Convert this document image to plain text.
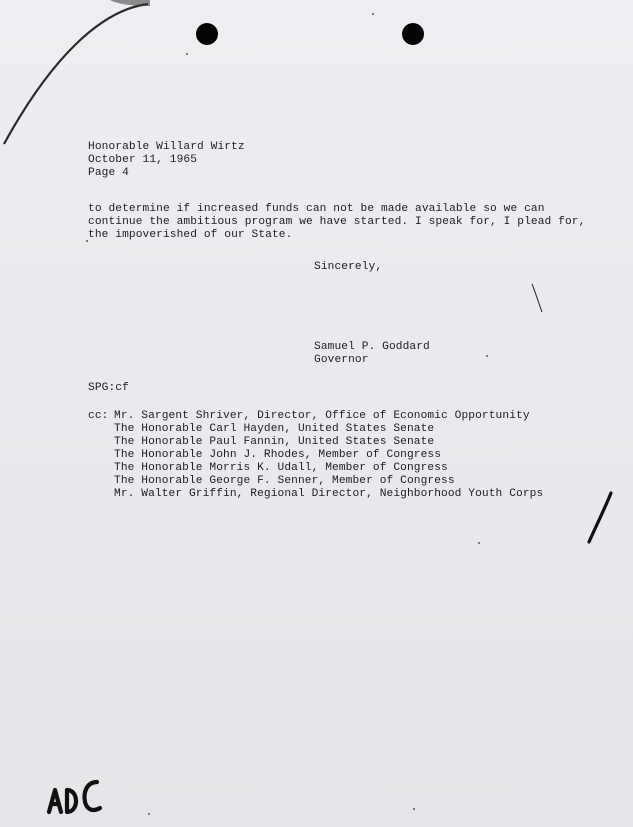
Honorable Willard Wirtz
October 11, 1965
Page 4
to determine if increased funds can not be made available so we can
continue the ambitious program we have started. I speak for, I plead for,
the impoverished of our State.
Sincerely,
Samuel P. Goddard
Governor
SPG:cf
cc: Mr. Sargent Shriver, Director, Office of Economic Opportunity
The Honorable Carl Hayden, United States Senate
The Honorable Paul Fannin, United States Senate
The Honorable John J. Rhodes, Member of Congress
The Honorable Morris K. Udall, Member of Congress
The Honorable George F. Senner, Member of Congress
Mr. Walter Griffin, Regional Director, Neighborhood Youth Corps
